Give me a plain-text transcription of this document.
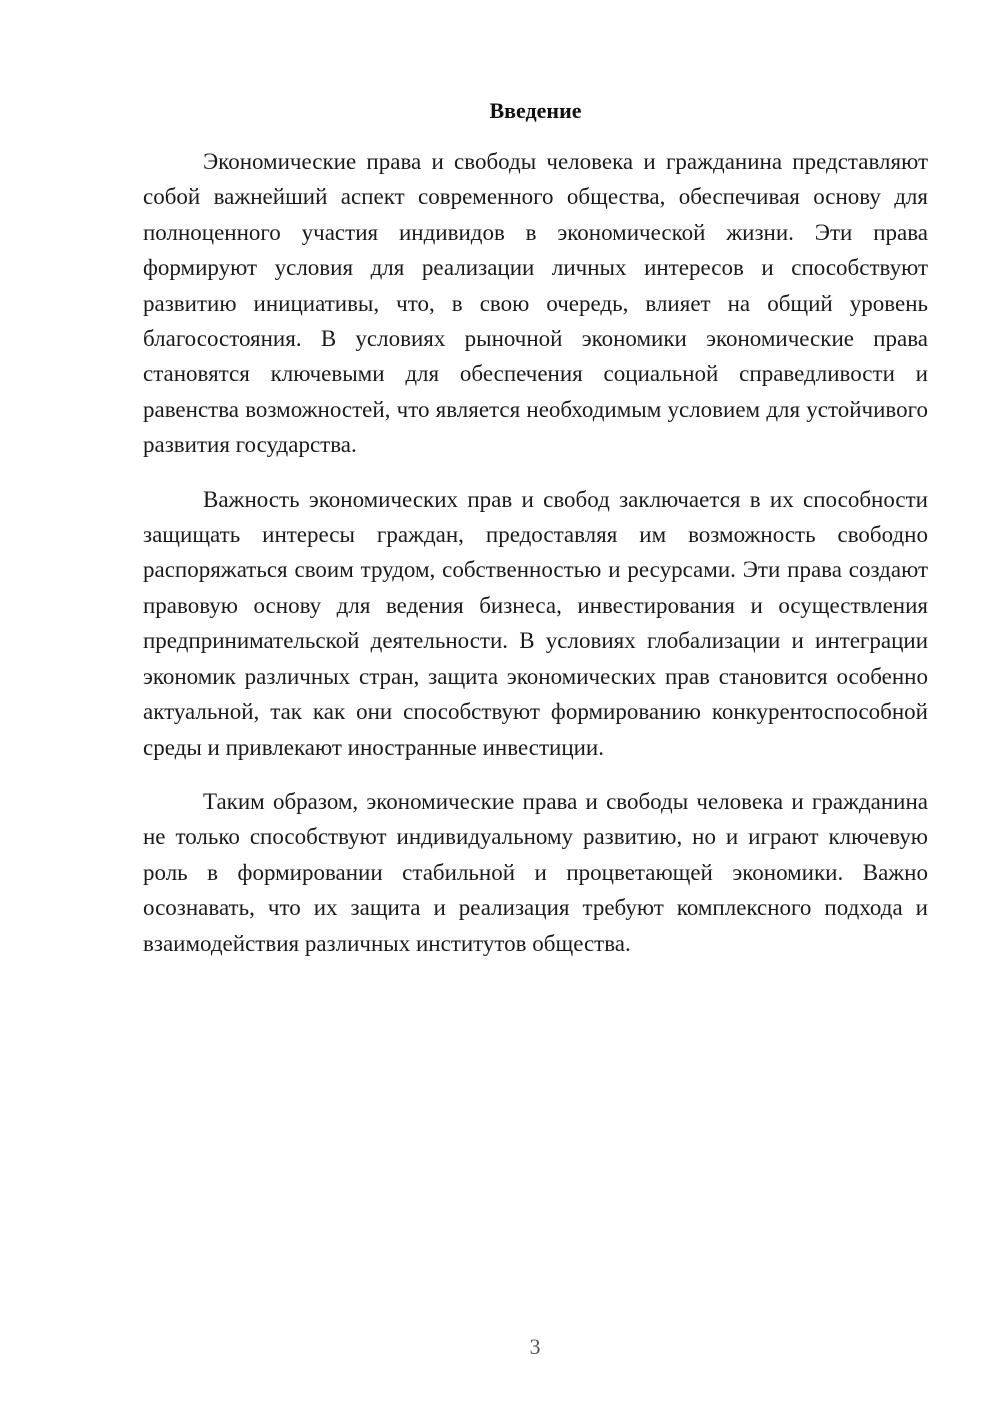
Введение

Экономические права и свободы человека и гражданина представляют собой важнейший аспект современного общества, обеспечивая основу для полноценного участия индивидов в экономической жизни. Эти права формируют условия для реализации личных интересов и способствуют развитию инициативы, что, в свою очередь, влияет на общий уровень благосостояния. В условиях рыночной экономики экономические права становятся ключевыми для обеспечения социальной справедливости и равенства возможностей, что является необходимым условием для устойчивого развития государства.

Важность экономических прав и свобод заключается в их способности защищать интересы граждан, предоставляя им возможность свободно распоряжаться своим трудом, собственностью и ресурсами. Эти права создают правовую основу для ведения бизнеса, инвестирования и осуществления предпринимательской деятельности. В условиях глобализации и интеграции экономик различных стран, защита экономических прав становится особенно актуальной, так как они способствуют формированию конкурентоспособной среды и привлекают иностранные инвестиции.

Таким образом, экономические права и свободы человека и гражданина не только способствуют индивидуальному развитию, но и играют ключевую роль в формировании стабильной и процветающей экономики. Важно осознавать, что их защита и реализация требуют комплексного подхода и взаимодействия различных институтов общества.

3
